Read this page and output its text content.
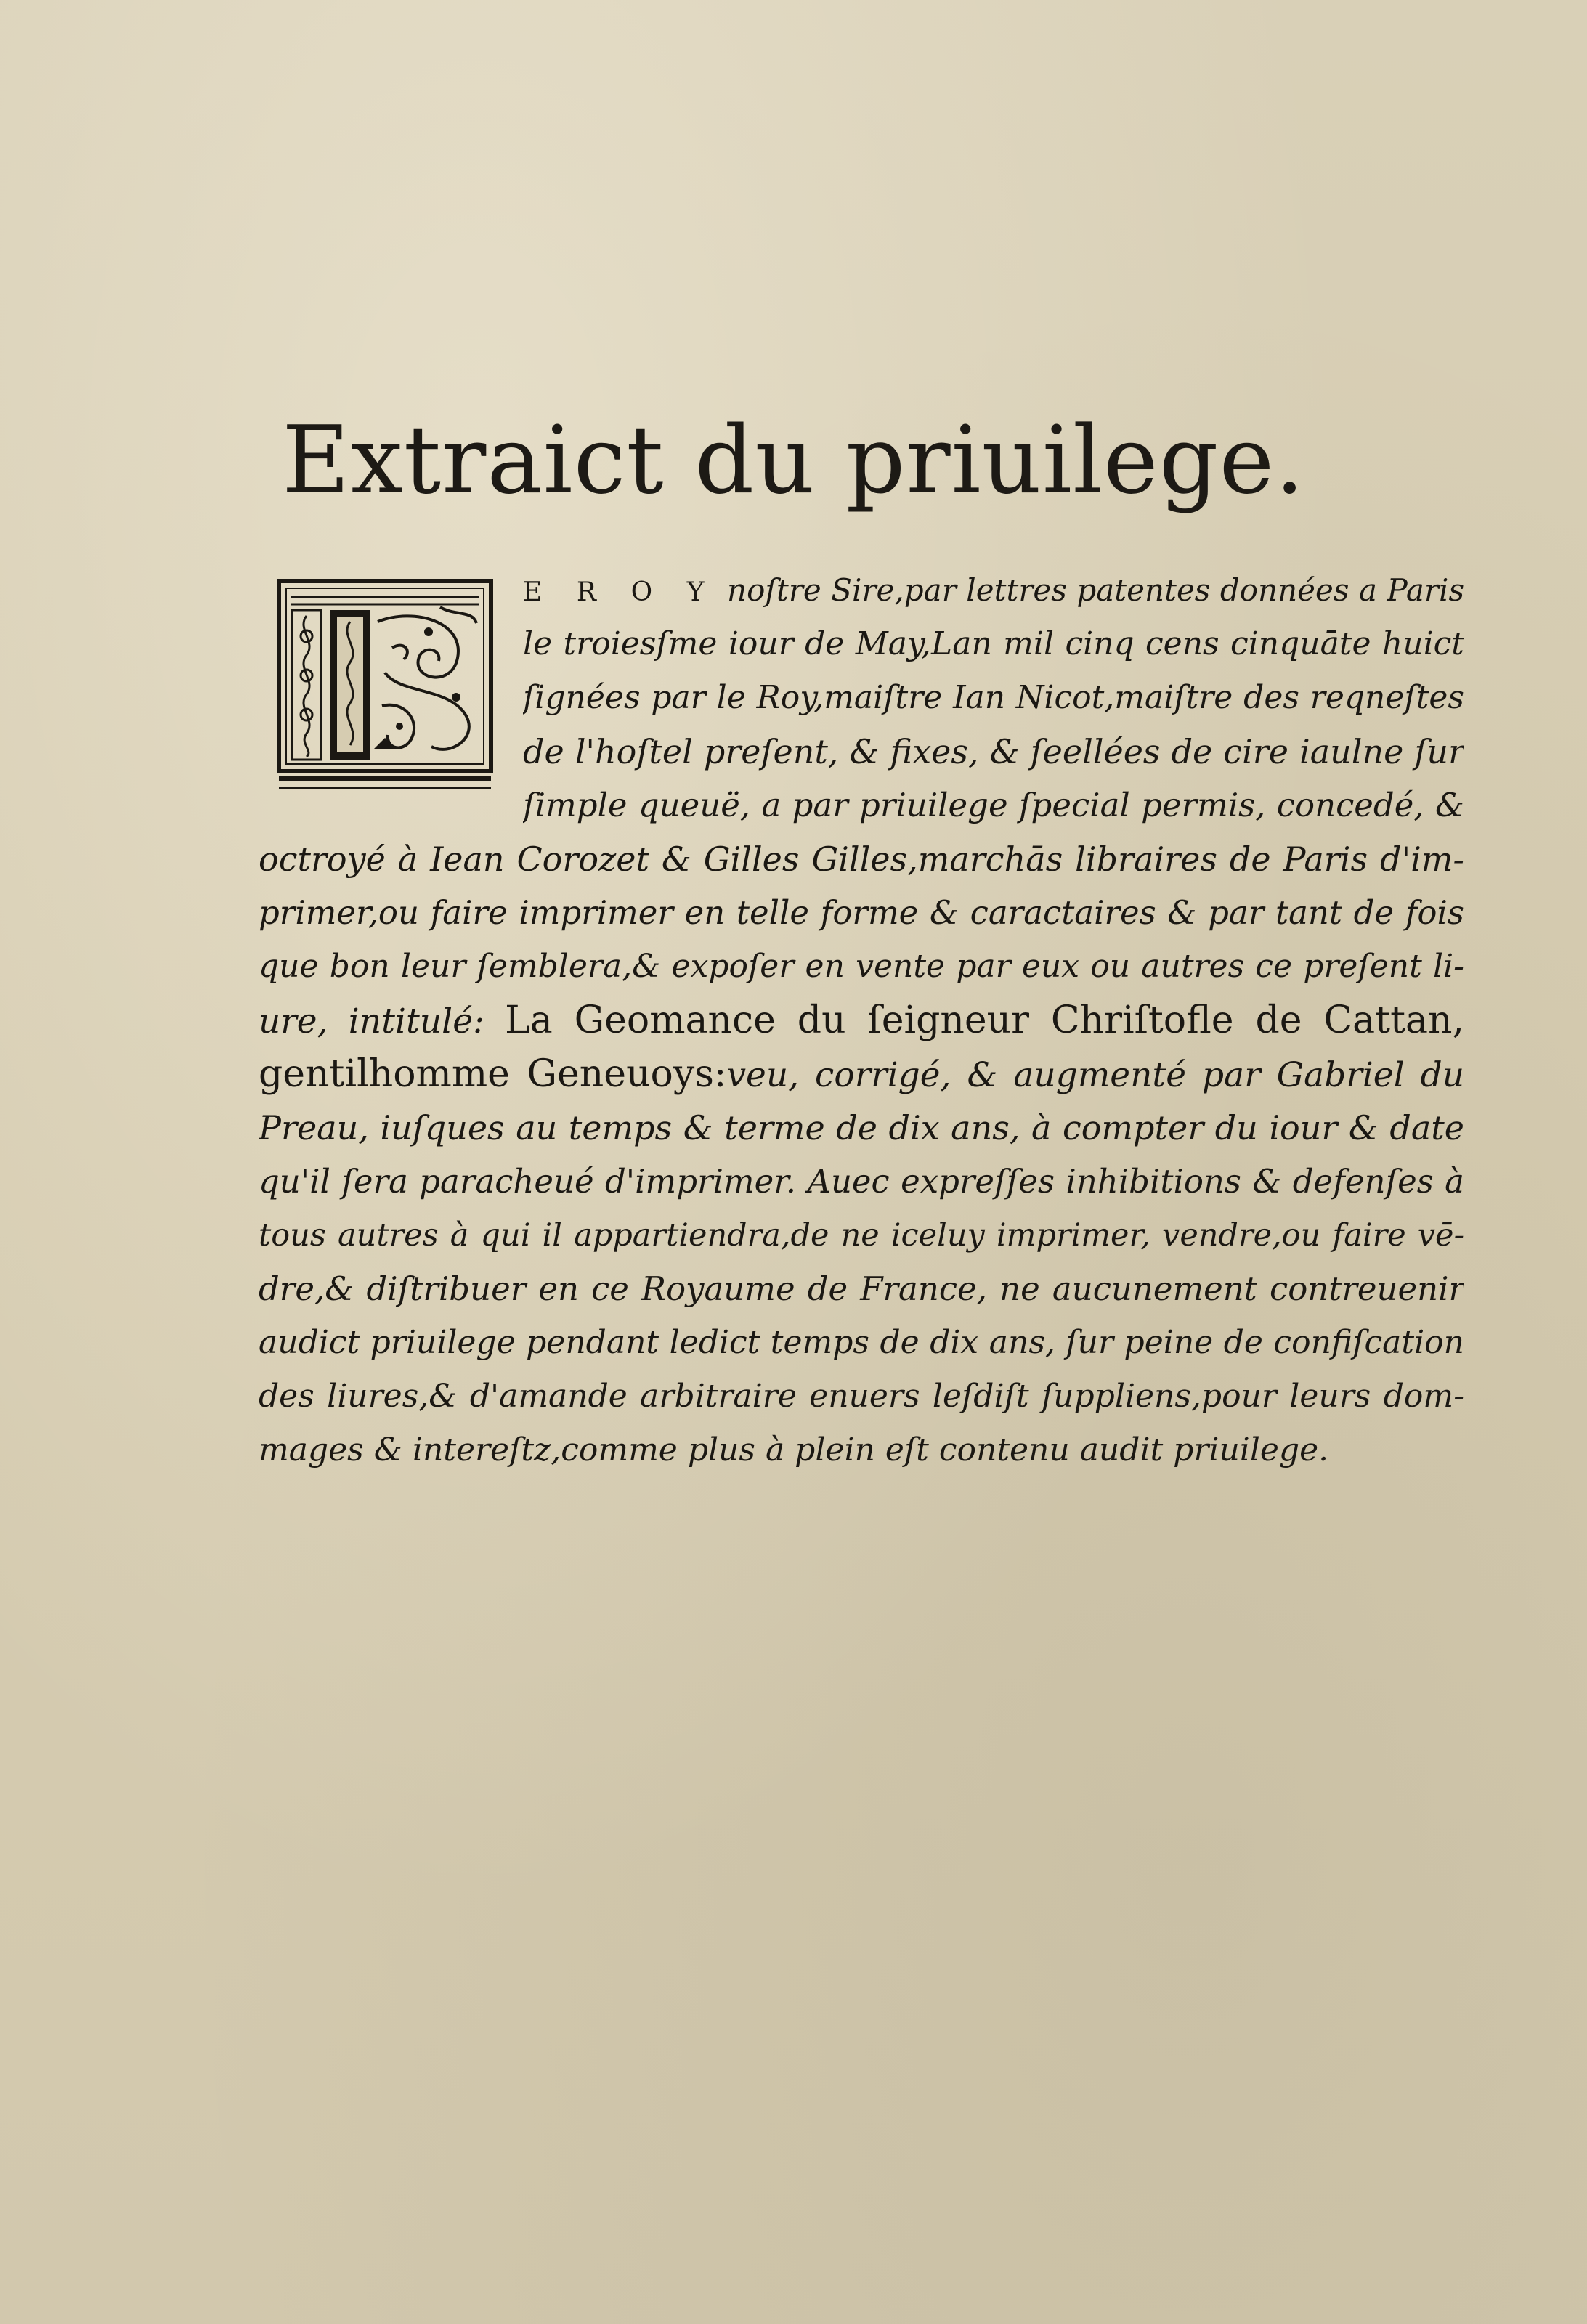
Extraict du priuilege.
E R O Y noſtre Sire,par lettres patentes données a Paris
le troiesſme iour de May,Lan mil cinq cens cinquāte huict
ſignées par le Roy,maiſtre Ian Nicot,maiſtre des reqneſtes
de l'hoſtel preſent, & fixes, & ſeellées de cire iaulne ſur
ſimple queuë, a par priuilege ſpecial permis, concedé, &
octroyé à Iean Corozet & Gilles Gilles,marchās libraires de Paris d'im-
primer,ou faire imprimer en telle forme & caractaires & par tant de fois
que bon leur ſemblera,& expoſer en vente par eux ou autres ce preſent li-
ure, intitulé: La Geomance du ſeigneur Chriſtofle de Cattan,
gentilhomme Geneuoys:veu, corrigé, & augmenté par Gabriel du
Preau, iuſques au temps & terme de dix ans, à compter du iour & date
qu'il ſera paracheué d'imprimer. Auec expreſſes inhibitions & defenſes à
tous autres à qui il appartiendra,de ne iceluy imprimer, vendre,ou faire vē-
dre,& diſtribuer en ce Royaume de France, ne aucunement contreuenir
audict priuilege pendant ledict temps de dix ans, ſur peine de confiſcation
des liures,& d'amande arbitraire enuers leſdiſt ſuppliens,pour leurs dom-
mages & intereſtz,comme plus à plein eſt contenu audit priuilege.
